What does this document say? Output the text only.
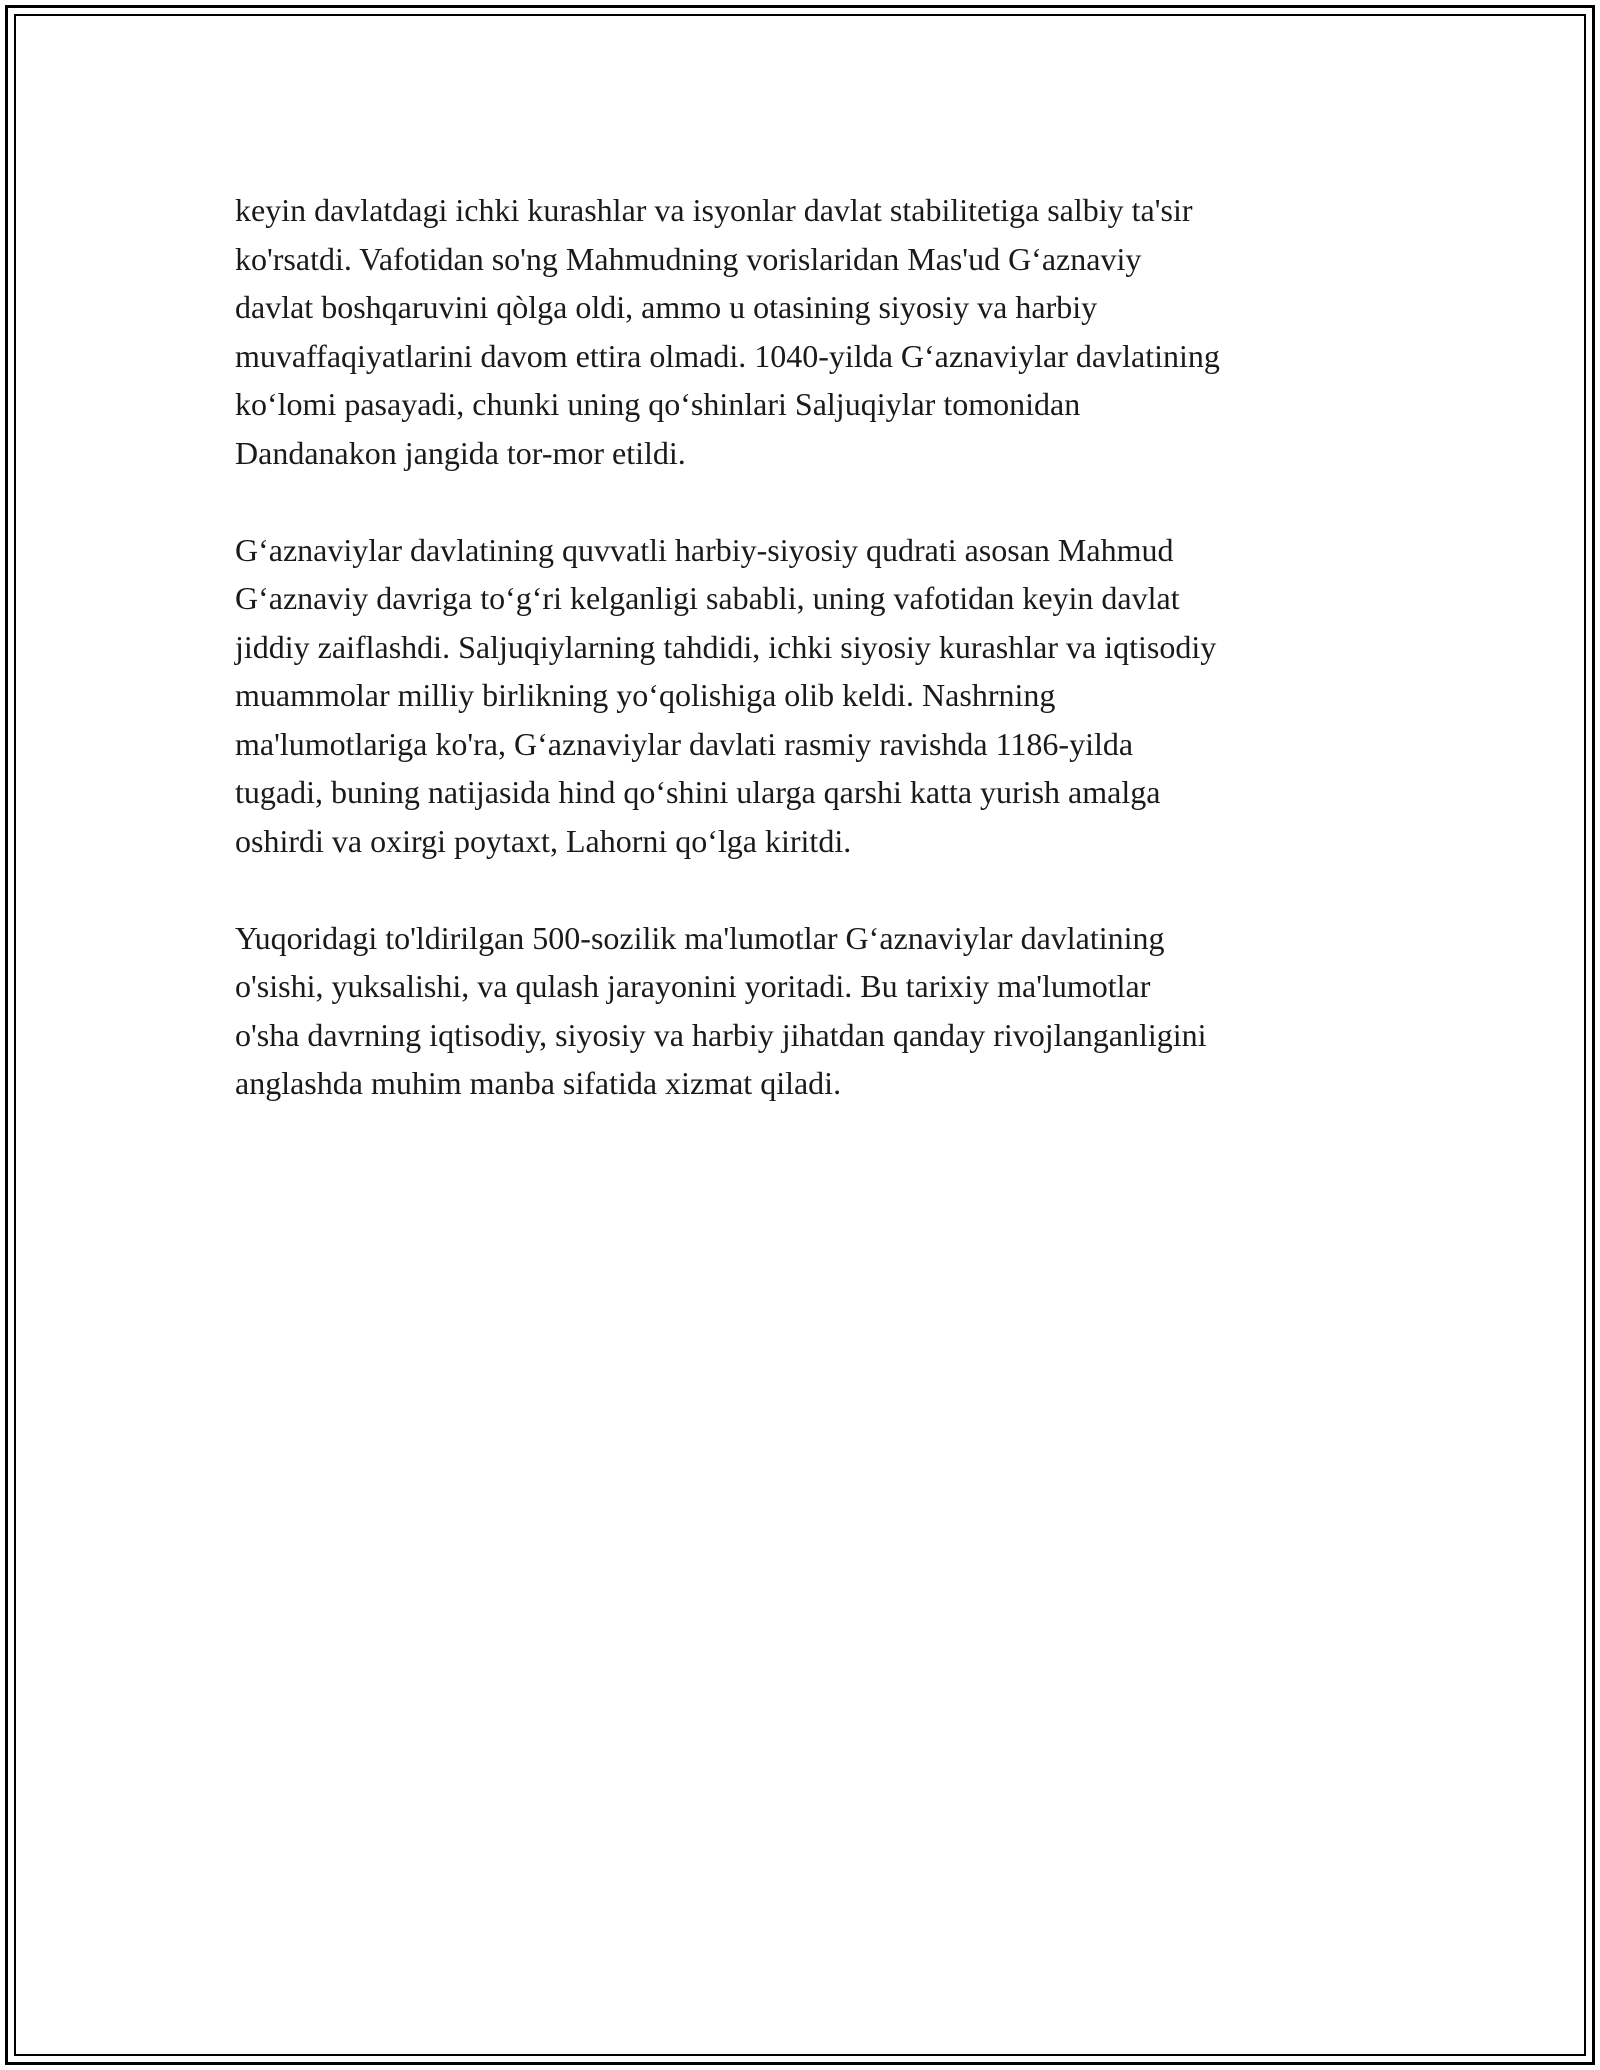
keyin davlatdagi ichki kurashlar va isyonlar davlat stabilitetiga salbiy ta'sir
ko'rsatdi. Vafotidan so'ng Mahmudning vorislaridan Mas'ud G‘aznaviy
davlat boshqaruvini qòlga oldi, ammo u otasining siyosiy va harbiy
muvaffaqiyatlarini davom ettira olmadi. 1040-yilda G‘aznaviylar davlatining
ko‘lomi pasayadi, chunki uning qo‘shinlari Saljuqiylar tomonidan
Dandanakon jangida tor-mor etildi.

G‘aznaviylar davlatining quvvatli harbiy-siyosiy qudrati asosan Mahmud
G‘aznaviy davriga to‘g‘ri kelganligi sababli, uning vafotidan keyin davlat
jiddiy zaiflashdi. Saljuqiylarning tahdidi, ichki siyosiy kurashlar va iqtisodiy
muammolar milliy birlikning yo‘qolishiga olib keldi. Nashrning
ma'lumotlariga ko'ra, G‘aznaviylar davlati rasmiy ravishda 1186-yilda
tugadi, buning natijasida hind qo‘shini ularga qarshi katta yurish amalga
oshirdi va oxirgi poytaxt, Lahorni qo‘lga kiritdi.

Yuqoridagi to'ldirilgan 500-sozilik ma'lumotlar G‘aznaviylar davlatining
o'sishi, yuksalishi, va qulash jarayonini yoritadi. Bu tarixiy ma'lumotlar
o'sha davrning iqtisodiy, siyosiy va harbiy jihatdan qanday rivojlanganligini
anglashda muhim manba sifatida xizmat qiladi.
